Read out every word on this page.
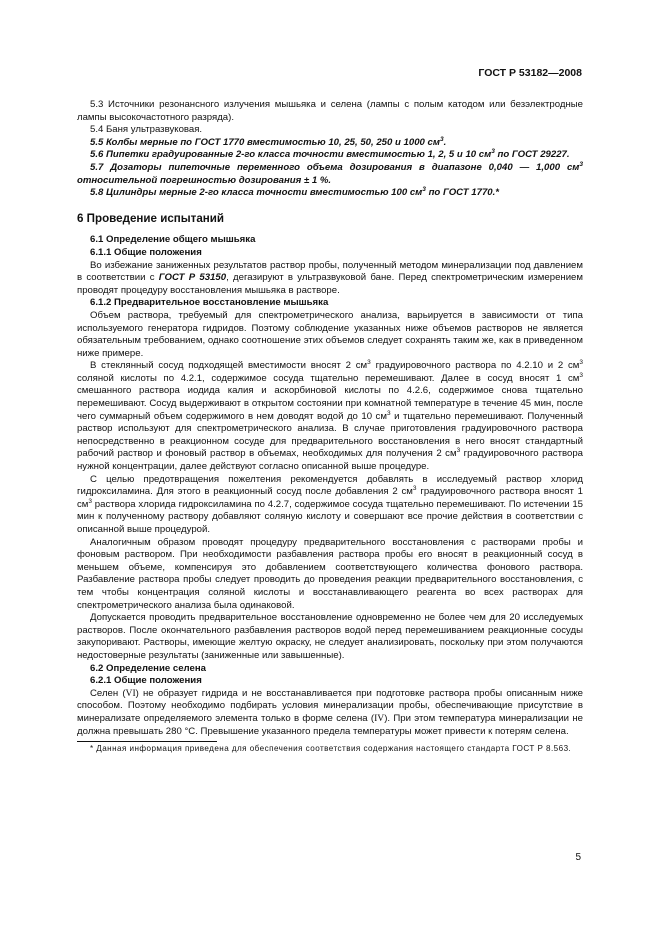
ГОСТ Р 53182—2008

5.3 Источники резонансного излучения мышьяка и селена (лампы с полым катодом или безэлектродные лампы высокочастотного разряда).

5.4 Баня ультразвуковая.

5.5 Колбы мерные по ГОСТ 1770 вместимостью 10, 25, 50, 250 и 1000 $см^3$.

5.6 Пипетки градуированные 2-го класса точности вместимостью 1, 2, 5 и 10 $см^3$ по ГОСТ 29227.

5.7 Дозаторы пипеточные переменного объема дозирования в диапазоне 0,040 — 1,000 $см^3$ относительной погрешностью дозирования ± 1 %.

5.8 Цилиндры мерные 2-го класса точности вместимостью 100 $см^3$ по ГОСТ 1770.*

6 Проведение испытаний

6.1 Определение общего мышьяка

6.1.1 Общие положения

Во избежание заниженных результатов раствор пробы, полученный методом минерализации под давлением в соответствии с ГОСТ Р 53150, дегазируют в ультразвуковой бане. Перед спектрометрическим измерением проводят процедуру восстановления мышьяка в растворе.

6.1.2 Предварительное восстановление мышьяка

Объем раствора, требуемый для спектрометрического анализа, варьируется в зависимости от типа используемого генератора гидридов. Поэтому соблюдение указанных ниже объемов растворов не является обязательным требованием, однако соотношение этих объемов следует сохранять таким же, как в приведенном ниже примере.

В стеклянный сосуд подходящей вместимости вносят 2 $см^3$ градуировочного раствора по 4.2.10 и 2 $см^3$ соляной кислоты по 4.2.1, содержимое сосуда тщательно перемешивают. Далее в сосуд вносят 1 $см^3$ смешанного раствора иодида калия и аскорбиновой кислоты по 4.2.6, содержимое снова тщательно перемешивают. Сосуд выдерживают в открытом состоянии при комнатной температуре в течение 45 мин, после чего суммарный объем содержимого в нем доводят водой до 10 $см^3$ и тщательно перемешивают. Полученный раствор используют для спектрометрического анализа. В случае приготовления градуировочного раствора непосредственно в реакционном сосуде для предварительного восстановления в него вносят стандартный рабочий раствор и фоновый раствор в объемах, необходимых для получения 2 $см^3$ градуировочного раствора нужной концентрации, далее действуют согласно описанной выше процедуре.

С целью предотвращения пожелтения рекомендуется добавлять в исследуемый раствор хлорид гидроксиламина. Для этого в реакционный сосуд после добавления 2 $см^3$ градуировочного раствора вносят 1 $см^3$ раствора хлорида гидроксиламина по 4.2.7, содержимое сосуда тщательно перемешивают. По истечении 15 мин к полученному раствору добавляют соляную кислоту и совершают все прочие действия в соответствии с описанной выше процедурой.

Аналогичным образом проводят процедуру предварительного восстановления с растворами пробы и фоновым раствором. При необходимости разбавления раствора пробы его вносят в реакционный сосуд в меньшем объеме, компенсируя это добавлением соответствующего количества фонового раствора. Разбавление раствора пробы следует проводить до проведения реакции предварительного восстановления, с тем чтобы концентрация соляной кислоты и восстанавливающего реагента во всех растворах для спектрометрического анализа была одинаковой.

Допускается проводить предварительное восстановление одновременно не более чем для 20 исследуемых растворов. После окончательного разбавления растворов водой перед перемешиванием реакционные сосуды закупоривают. Растворы, имеющие желтую окраску, не следует анализировать, поскольку при этом получаются недостоверные результаты (заниженные или завышенные).

6.2 Определение селена

6.2.1 Общие положения

Селен (VI) не образует гидрида и не восстанавливается при подготовке раствора пробы описанным ниже способом. Поэтому необходимо подбирать условия минерализации пробы, обеспечивающие присутствие в минерализате определяемого элемента только в форме селена (IV). При этом температура минерализации не должна превышать 280 °С. Превышение указанного предела температуры может привести к потерям селена.

* Данная информация приведена для обеспечения соответствия содержания настоящего стандарта ГОСТ Р 8.563.

5
